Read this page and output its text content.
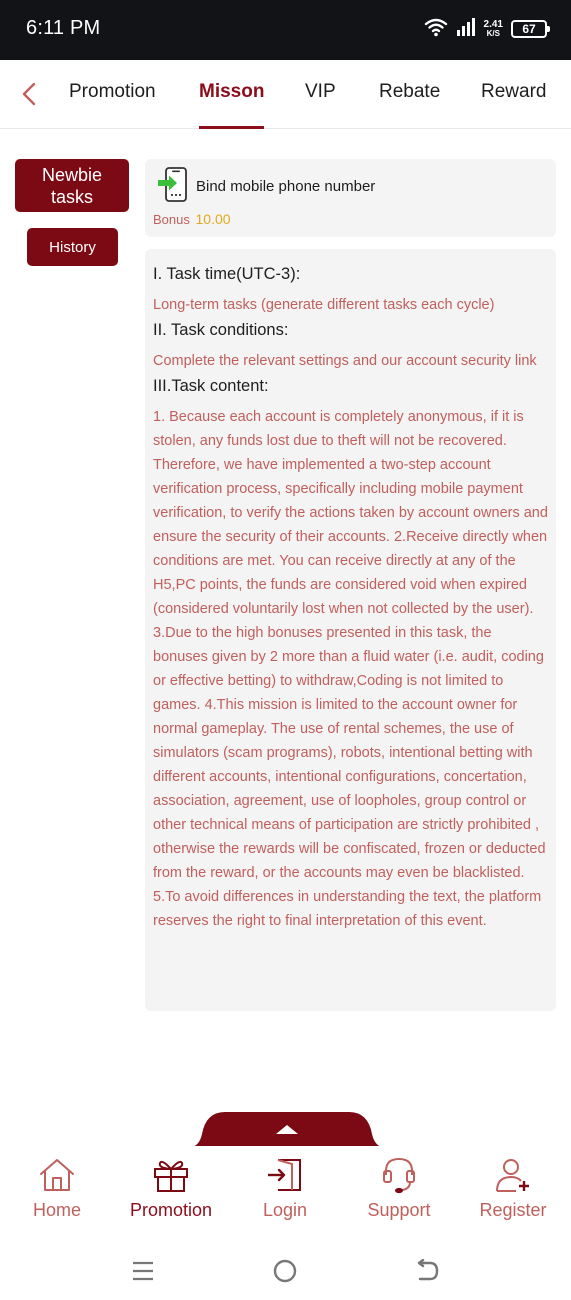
6:11 PM	2.41
K/S 67
Promotion Misson VIP Rebate Reward
Newbie
tasks
History
Bind mobile phone number
Bonus 10.00
I. Task time(UTC-3):
Long-term tasks (generate different tasks each cycle)
II. Task conditions:
Complete the relevant settings and our account security link
III.Task content:
1. Because each account is completely anonymous, if it is stolen, any funds lost due to theft will not be recovered. Therefore, we have implemented a two-step account verification process, specifically including mobile payment verification, to verify the actions taken by account owners and ensure the security of their accounts. 2.Receive directly when conditions are met. You can receive directly at any of the H5,PC points, the funds are considered void when expired (considered voluntarily lost when not collected by the user). 3.Due to the high bonuses presented in this task, the bonuses given by 2 more than a fluid water (i.e. audit, coding or effective betting) to withdraw,Coding is not limited to games. 4.This mission is limited to the account owner for normal gameplay. The use of rental schemes, the use of simulators (scam programs), robots, intentional betting with different accounts, intentional configurations, concertation, association, agreement, use of loopholes, group control or other technical means of participation are strictly prohibited , otherwise the rewards will be confiscated, frozen or deducted from the reward, or the accounts may even be blacklisted. 5.To avoid differences in understanding the text, the platform reserves the right to final interpretation of this event.
Home	Promotion	Login	Support	Register
